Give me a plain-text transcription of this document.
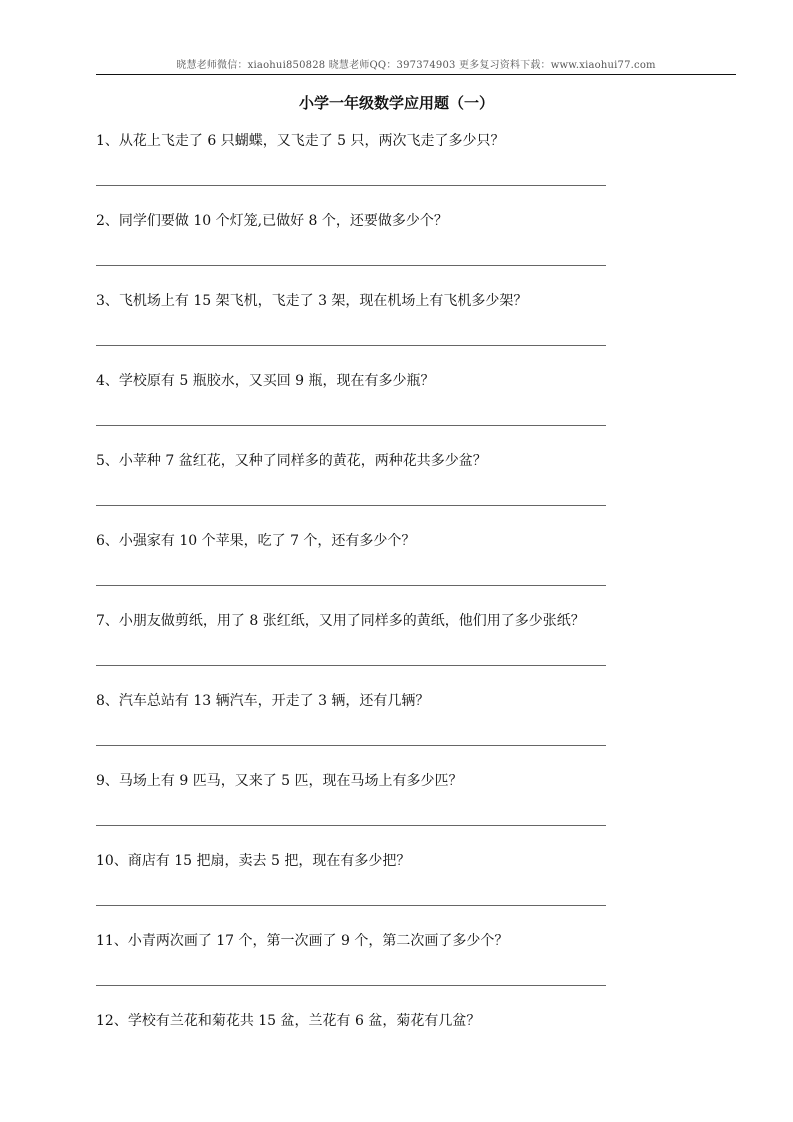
晓慧老师微信：xiaohui850828 晓慧老师QQ：397374903 更多复习资料下载：www.xiaohui77.com
小学一年级数学应用题（一）
1、从花上飞走了 6 只蝴蝶，又飞走了 5 只，两次飞走了多少只？
2、同学们要做 10 个灯笼,已做好 8 个，还要做多少个？
3、飞机场上有 15 架飞机，飞走了 3 架，现在机场上有飞机多少架？
4、学校原有 5 瓶胶水，又买回 9 瓶，现在有多少瓶？
5、小苹种 7 盆红花，又种了同样多的黄花，两种花共多少盆？
6、小强家有 10 个苹果，吃了 7 个，还有多少个？
7、小朋友做剪纸，用了 8 张红纸，又用了同样多的黄纸，他们用了多少张纸？
8、汽车总站有 13 辆汽车，开走了 3 辆，还有几辆？
9、马场上有 9 匹马，又来了 5 匹，现在马场上有多少匹？
10、商店有 15 把扇，卖去 5 把，现在有多少把？
11、小青两次画了 17 个，第一次画了 9 个，第二次画了多少个？
12、学校有兰花和菊花共 15 盆，兰花有 6 盆，菊花有几盆？
